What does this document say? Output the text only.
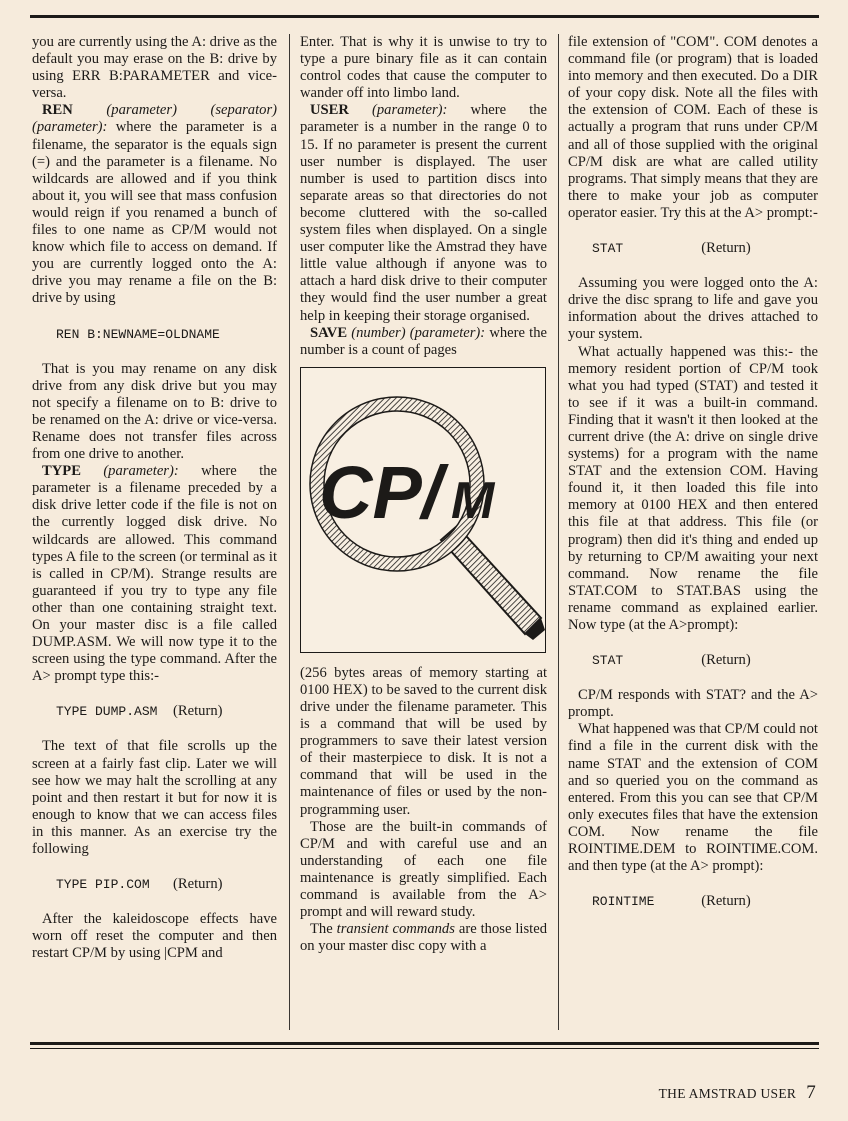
you are currently using the A: drive as the default you may erase on the B: drive by using ERR B:PARAMETER and vice-versa.

REN (parameter) (separator) (parameter): where the parameter is a filename, the separator is the equals sign (=) and the parameter is a filename. No wildcards are allowed and if you think about it, you will see that mass confusion would reign if you renamed a bunch of files to one name as CP/M would not know which file to access on demand. If you are currently logged onto the A: drive you may rename a file on the B: drive by using

REN B:NEWNAME=OLDNAME

That is you may rename on any disk drive from any disk drive but you may not specify a filename on to B: drive to be renamed on the A: drive or vice-versa. Rename does not transfer files across from one drive to another.

TYPE (parameter): where the parameter is a filename preceded by a disk drive letter code if the file is not on the currently logged disk drive. No wildcards are allowed. This command types A file to the screen (or terminal as it is called in CP/M). Strange results are guaranteed if you try to type any file other than one containing straight text. On your master disc is a file called DUMP.ASM. We will now type it to the screen using the type command. After the A> prompt type this:-

TYPE DUMP.ASM (Return)

The text of that file scrolls up the screen at a fairly fast clip. Later we will see how we may halt the scrolling at any point and then restart it but for now it is enough to know that we can access files in this manner. As an exercise try the following

TYPE PIP.COM (Return)

After the kaleidoscope effects have worn off reset the computer and then restart CP/M by using |CPM and

Enter. That is why it is unwise to try to type a pure binary file as it can contain control codes that cause the computer to wander off into limbo land.

USER (parameter): where the parameter is a number in the range 0 to 15. If no parameter is present the current user number is displayed. The user number is used to partition discs into separate areas so that directories do not become cluttered with the so-called system files when displayed. On a single user computer like the Amstrad they have little value although if anyone was to attach a hard disk drive to their computer they would find the user number a great help in keeping their storage organised.

SAVE (number) (parameter): where the number is a count of pages

CP/ M

(256 bytes areas of memory starting at 0100 HEX) to be saved to the current disk drive under the filename parameter. This is a command that will be used by programmers to save their latest version of their masterpiece to disk. It is not a command that will be used in the maintenance of files or used by the non-programming user.

Those are the built-in commands of CP/M and with careful use and an understanding of each one file maintenance is greatly simplified. Each command is available from the A> prompt and will reward study.

The transient commands are those listed on your master disc copy with a

file extension of "COM". COM denotes a command file (or program) that is loaded into memory and then executed. Do a DIR of your copy disk. Note all the files with the extension of COM. Each of these is actually a program that runs under CP/M and all of those supplied with the original CP/M disk are what are called utility programs. That simply means that they are there to make your job as computer operator easier. Try this at the A> prompt:-

STAT	(Return)

Assuming you were logged onto the A: drive the disc sprang to life and gave you information about the drives attached to your system.

What actually happened was this:- the memory resident portion of CP/M took what you had typed (STAT) and tested it to see if it was a built-in command. Finding that it wasn't it then looked at the current drive (the A: drive on single drive systems) for a program with the name STAT and the extension COM. Having found it, it then loaded this file into memory at 0100 HEX and then entered this file at that address. This file (or program) then did it's thing and ended up by returning to CP/M awaiting your next command. Now rename the file STAT.COM to STAT.BAS using the rename command as explained earlier. Now type (at the A>prompt):

STAT	(Return)

CP/M responds with STAT? and the A> prompt.

What happened was that CP/M could not find a file in the current disk with the name STAT and the extension of COM and so queried you on the command as entered. From this you can see that CP/M only executes files that have the extension COM. Now rename the file ROINTIME.DEM to ROINTIME.COM. and then type (at the A> prompt):

ROINTIME	(Return)

THE AMSTRAD USER 7
